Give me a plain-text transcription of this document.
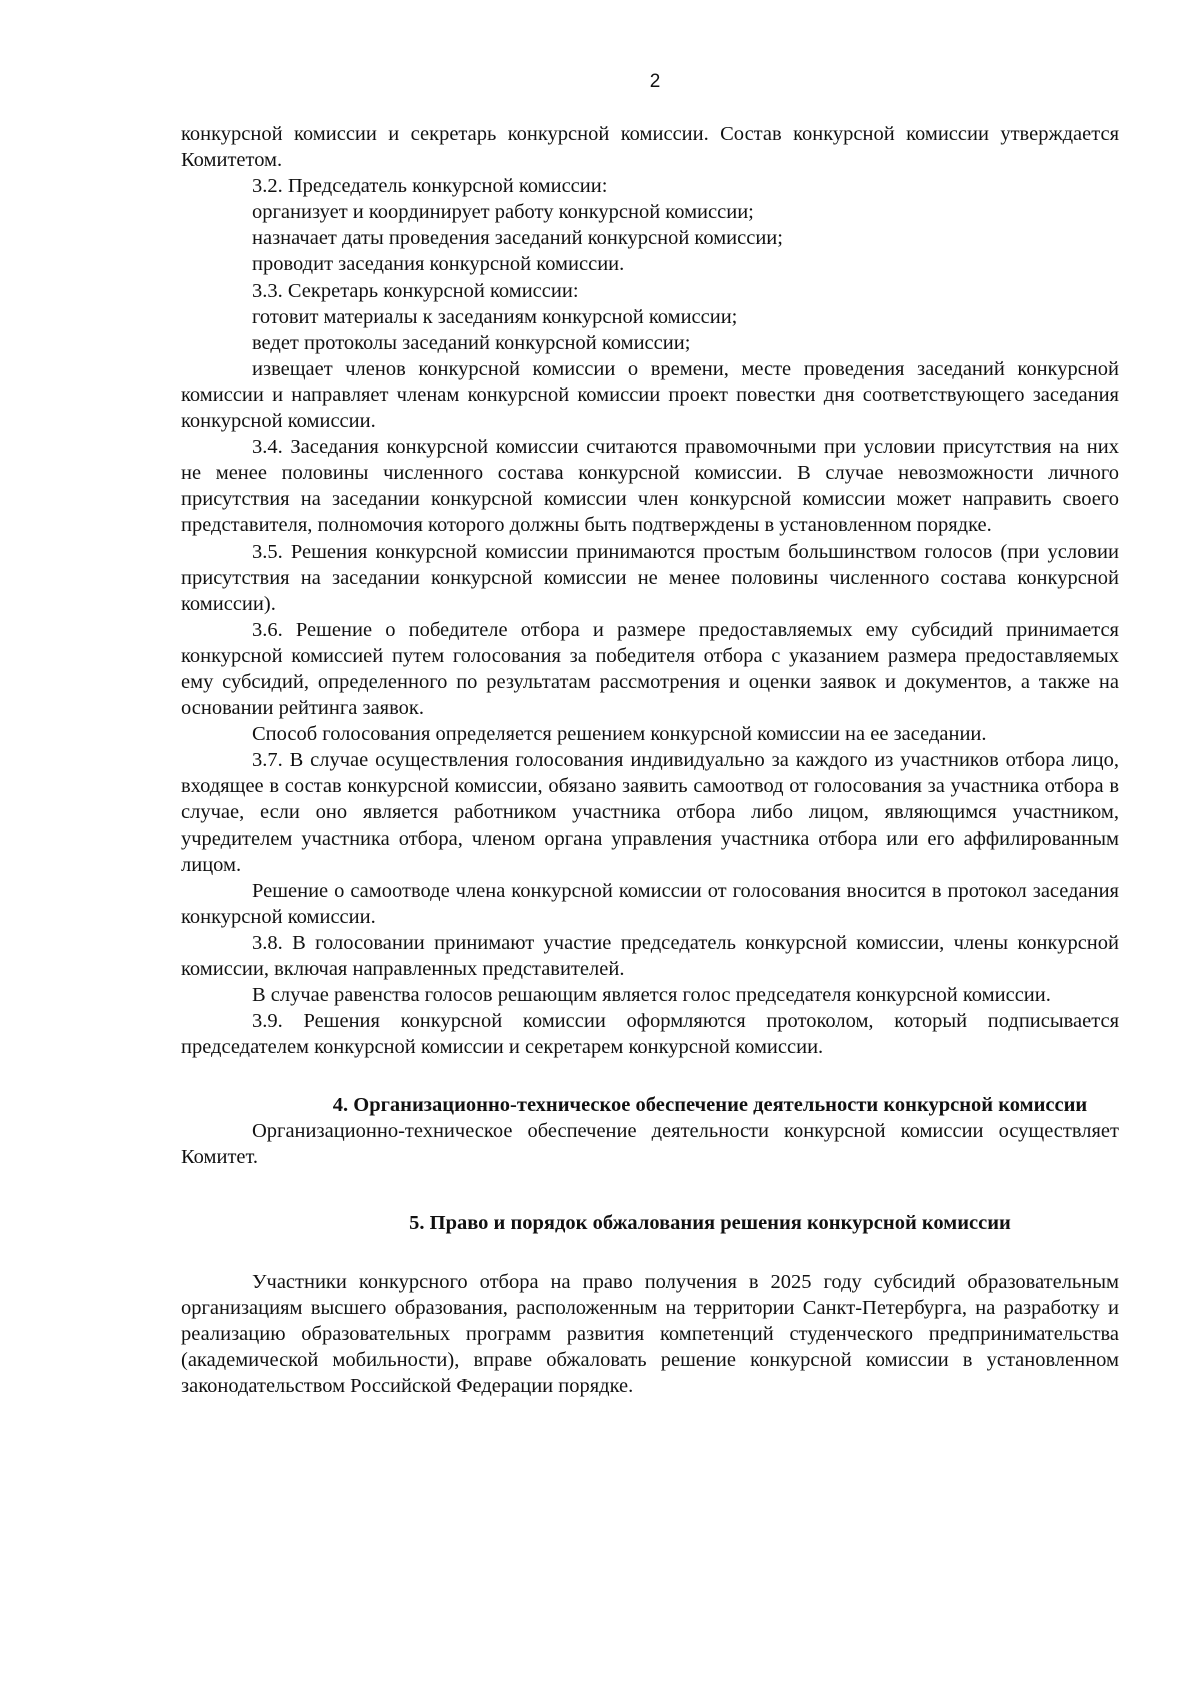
2

конкурсной комиссии и секретарь конкурсной комиссии. Состав конкурсной комиссии утверждается Комитетом.

3.2. Председатель конкурсной комиссии:

организует и координирует работу конкурсной комиссии;

назначает даты проведения заседаний конкурсной комиссии;

проводит заседания конкурсной комиссии.

3.3. Секретарь конкурсной комиссии:

готовит материалы к заседаниям конкурсной комиссии;

ведет протоколы заседаний конкурсной комиссии;

извещает членов конкурсной комиссии о времени, месте проведения заседаний конкурсной комиссии и направляет членам конкурсной комиссии проект повестки дня соответствующего заседания конкурсной комиссии.

3.4. Заседания конкурсной комиссии считаются правомочными при условии присутствия на них не менее половины численного состава конкурсной комиссии. В случае невозможности личного присутствия на заседании конкурсной комиссии член конкурсной комиссии может направить своего представителя, полномочия которого должны быть подтверждены в установленном порядке.

3.5. Решения конкурсной комиссии принимаются простым большинством голосов (при условии присутствия на заседании конкурсной комиссии не менее половины численного состава конкурсной комиссии).

3.6. Решение о победителе отбора и размере предоставляемых ему субсидий принимается конкурсной комиссией путем голосования за победителя отбора с указанием размера предоставляемых ему субсидий, определенного по результатам рассмотрения и оценки заявок и документов, а также на основании рейтинга заявок.

Способ голосования определяется решением конкурсной комиссии на ее заседании.

3.7. В случае осуществления голосования индивидуально за каждого из участников отбора лицо, входящее в состав конкурсной комиссии, обязано заявить самоотвод от голосования за участника отбора в случае, если оно является работником участника отбора либо лицом, являющимся участником, учредителем участника отбора, членом органа управления участника отбора или его аффилированным лицом.

Решение о самоотводе члена конкурсной комиссии от голосования вносится в протокол заседания конкурсной комиссии.

3.8. В голосовании принимают участие председатель конкурсной комиссии, члены конкурсной комиссии, включая направленных представителей.

В случае равенства голосов решающим является голос председателя конкурсной комиссии.

3.9. Решения конкурсной комиссии оформляются протоколом, который подписывается председателем конкурсной комиссии и секретарем конкурсной комиссии.

4. Организационно-техническое обеспечение деятельности конкурсной комиссии

Организационно-техническое обеспечение деятельности конкурсной комиссии осуществляет Комитет.

5. Право и порядок обжалования решения конкурсной комиссии

Участники конкурсного отбора на право получения в 2025 году субсидий образовательным организациям высшего образования, расположенным на территории Санкт-Петербурга, на разработку и реализацию образовательных программ развития компетенций студенческого предпринимательства (академической мобильности), вправе обжаловать решение конкурсной комиссии в установленном законодательством Российской Федерации порядке.
